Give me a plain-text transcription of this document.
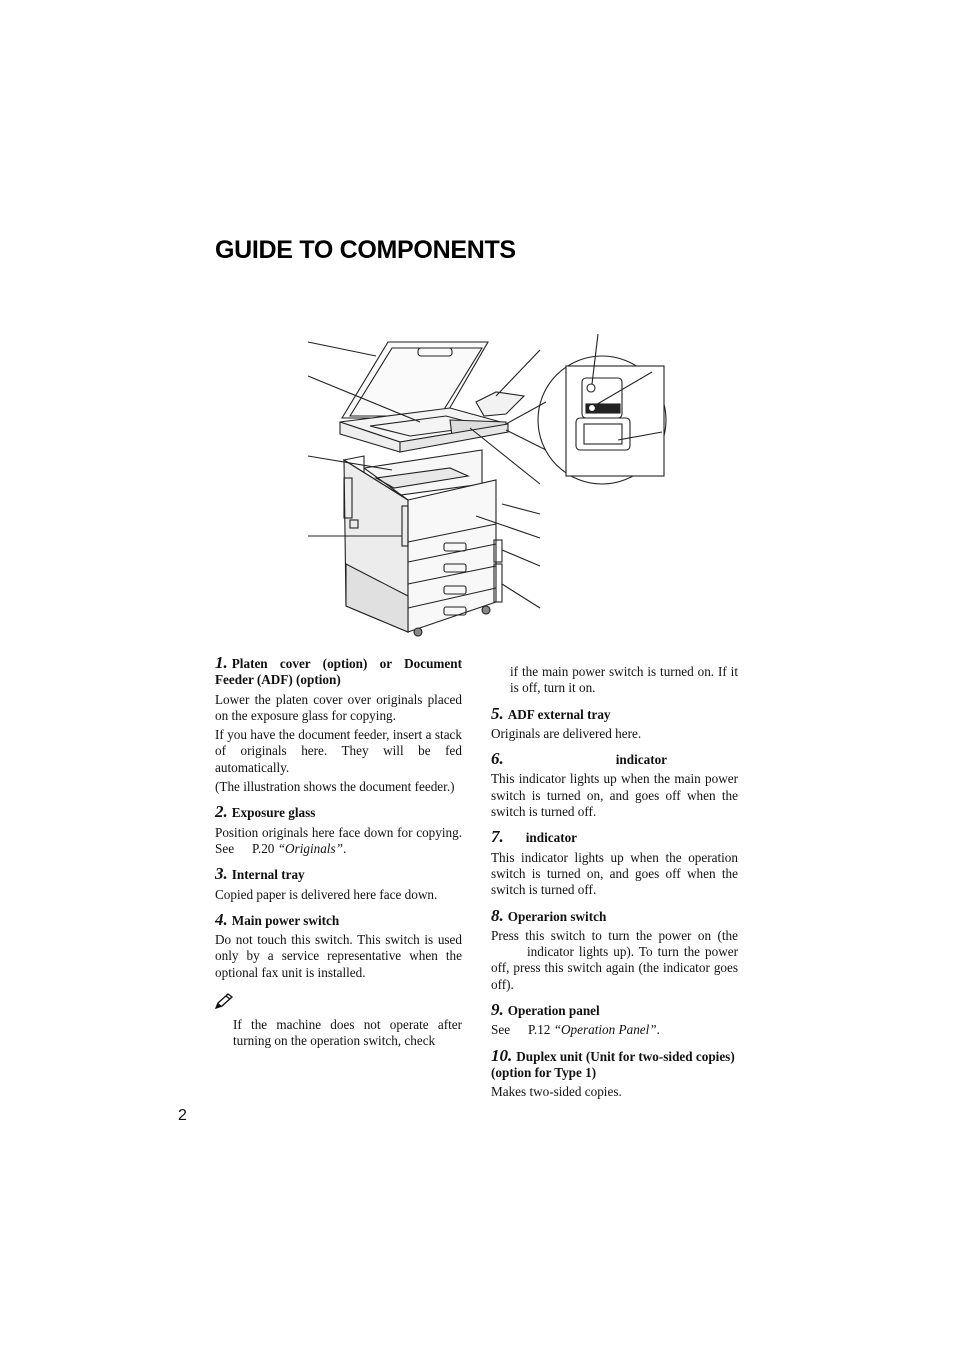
GUIDE TO COMPONENTS

1. Platen cover (option) or Document Feeder (ADF) (option)

Lower the platen cover over originals placed on the exposure glass for copying.

If you have the document feeder, insert a stack of originals here. They will be fed automatically.

(The illustration shows the document feeder.)

2. Exposure glass

Position originals here face down for copying. See P.20 “Originals”.

3. Internal tray

Copied paper is delivered here face down.

4. Main power switch

Do not touch this switch. This switch is used only by a service representative when the optional fax unit is installed.

If the machine does not operate after turning on the operation switch, check

if the main power switch is turned on. If it is off, turn it on.

5. ADF external tray

Originals are delivered here.

6.	indicator

This indicator lights up when the main power switch is turned on, and goes off when the switch is turned off.

7. indicator

This indicator lights up when the operation switch is turned on, and goes off when the switch is turned off.

8. Operarion switch

Press this switch to turn the power on (theindicator lights up). To turn the power off, press this switch again (the indicator goes off).

9. Operation panel

See P.12 “Operation Panel”.

10. Duplex unit (Unit for two-sided copies) (option for Type 1)

Makes two-sided copies.

2
